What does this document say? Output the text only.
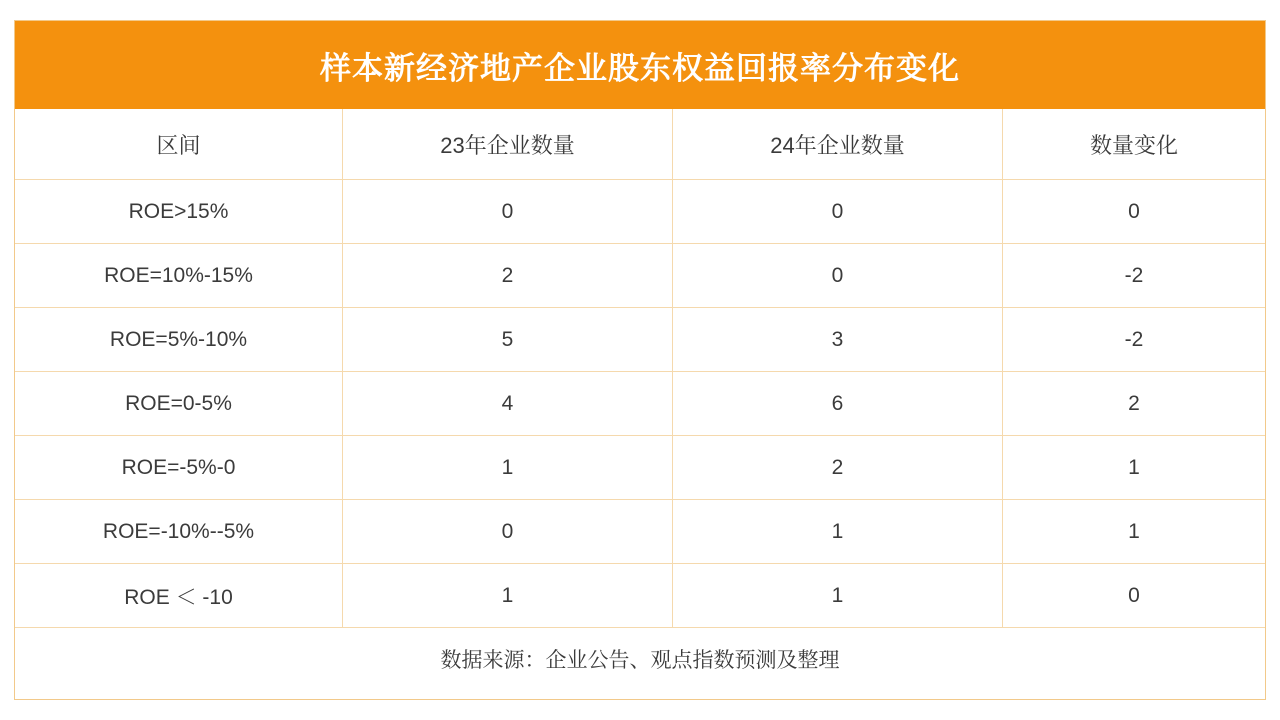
样本新经济地产企业股东权益回报率分布变化
区间	23年企业数量	24年企业数量	数量变化
ROE>15%	0	0	0
ROE=10%-15%	2	0	-2
ROE=5%-10%	5	3	-2
ROE=0-5%	4	6	2
ROE=-5%-0	1	2	1
ROE=-10%--5%	0	1	1
ROE ＜ -10	1	1	0
数据来源：企业公告、观点指数预测及整理			
